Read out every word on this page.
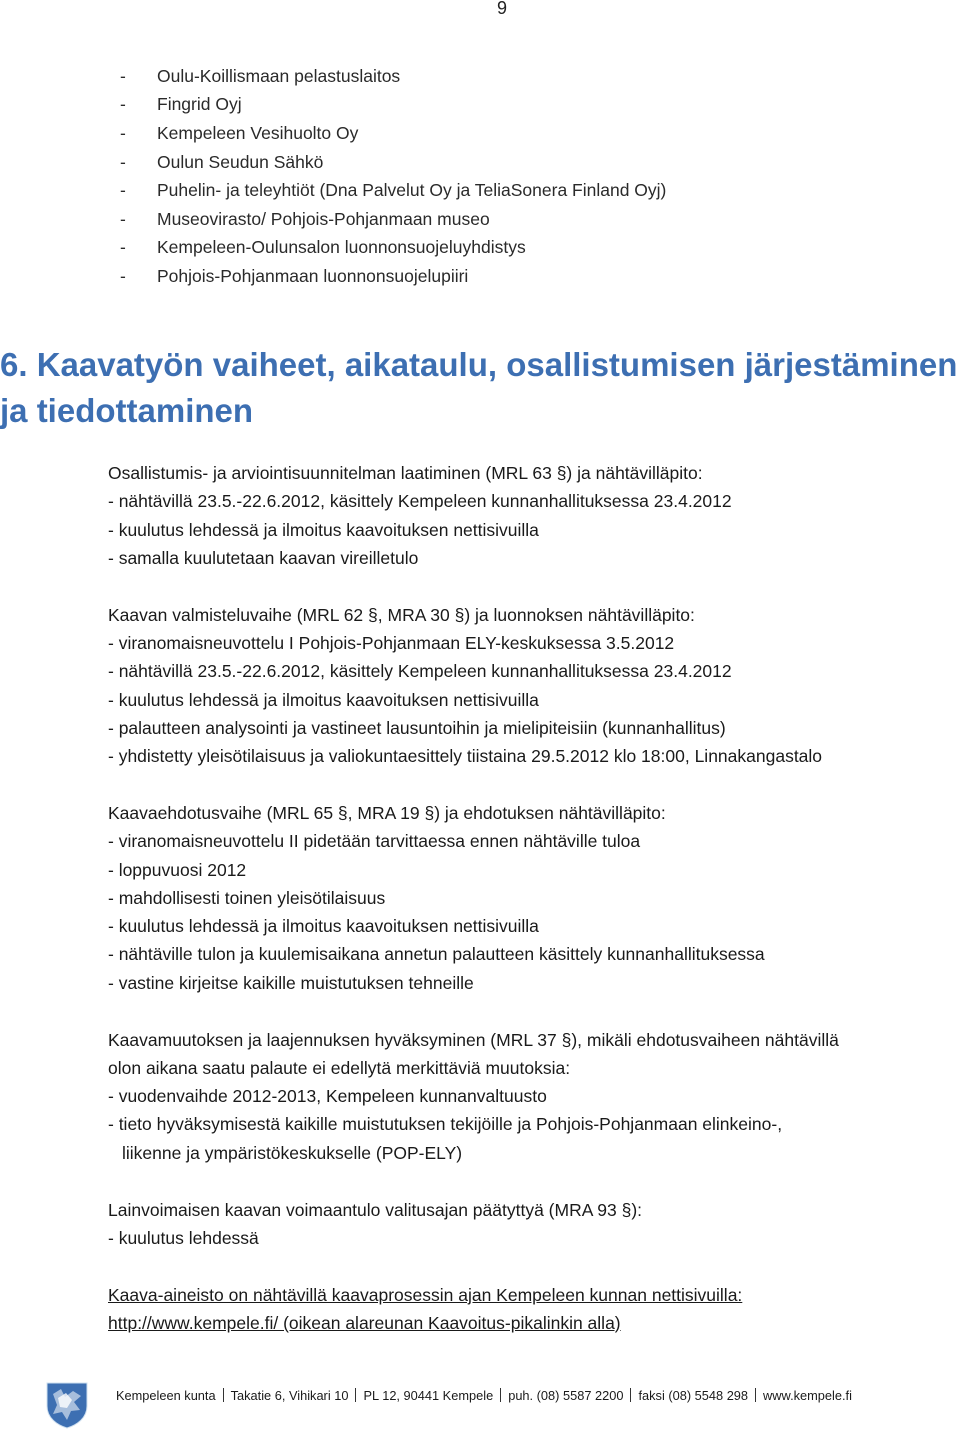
9
-	Oulu-Koillismaan pelastuslaitos
-	Fingrid Oyj
-	Kempeleen Vesihuolto Oy
-	Oulun Seudun Sähkö
-	Puhelin- ja teleyhtiöt (Dna Palvelut Oy ja TeliaSonera Finland Oyj)
-	Museovirasto/ Pohjois-Pohjanmaan museo
-	Kempeleen-Oulunsalon luonnonsuojeluyhdistys
-	Pohjois-Pohjanmaan luonnonsuojelupiiri
6. Kaavatyön vaiheet, aikataulu, osallistumisen järjestäminen
ja tiedottaminen
Osallistumis- ja arviointisuunnitelman laatiminen (MRL 63 §) ja nähtävilläpito:
- nähtävillä 23.5.-22.6.2012, käsittely Kempeleen kunnanhallituksessa 23.4.2012
- kuulutus lehdessä ja ilmoitus kaavoituksen nettisivuilla
- samalla kuulutetaan kaavan vireilletulo
Kaavan valmisteluvaihe (MRL 62 §, MRA 30 §) ja luonnoksen nähtävilläpito:
- viranomaisneuvottelu I Pohjois-Pohjanmaan ELY-keskuksessa 3.5.2012
- nähtävillä 23.5.-22.6.2012, käsittely Kempeleen kunnanhallituksessa 23.4.2012
- kuulutus lehdessä ja ilmoitus kaavoituksen nettisivuilla
- palautteen analysointi ja vastineet lausuntoihin ja mielipiteisiin (kunnanhallitus)
- yhdistetty yleisötilaisuus ja valiokuntaesittely tiistaina 29.5.2012 klo 18:00, Linnakangastalo
Kaavaehdotusvaihe (MRL 65 §, MRA 19 §) ja ehdotuksen nähtävilläpito:
- viranomaisneuvottelu II pidetään tarvittaessa ennen nähtäville tuloa
- loppuvuosi 2012
- mahdollisesti toinen yleisötilaisuus
- kuulutus lehdessä ja ilmoitus kaavoituksen nettisivuilla
- nähtäville tulon ja kuulemisaikana annetun palautteen käsittely kunnanhallituksessa
- vastine kirjeitse kaikille muistutuksen tehneille
Kaavamuutoksen ja laajennuksen hyväksyminen (MRL 37 §), mikäli ehdotusvaiheen nähtävillä
olon aikana saatu palaute ei edellytä merkittäviä muutoksia:
- vuodenvaihde 2012-2013, Kempeleen kunnanvaltuusto
- tieto hyväksymisestä kaikille muistutuksen tekijöille ja Pohjois-Pohjanmaan elinkeino-,
liikenne ja ympäristökeskukselle (POP-ELY)
Lainvoimaisen kaavan voimaantulo valitusajan päätyttyä (MRA 93 §):
- kuulutus lehdessä
Kaava-aineisto on nähtävillä kaavaprosessin ajan Kempeleen kunnan nettisivuilla:
http://www.kempele.fi/ (oikean alareunan Kaavoitus-pikalinkin alla)
Kempeleen kunta Takatie 6, Vihikari 10 PL 12, 90441 Kempele puh. (08) 5587 2200 faksi (08) 5548 298 www.kempele.fi
